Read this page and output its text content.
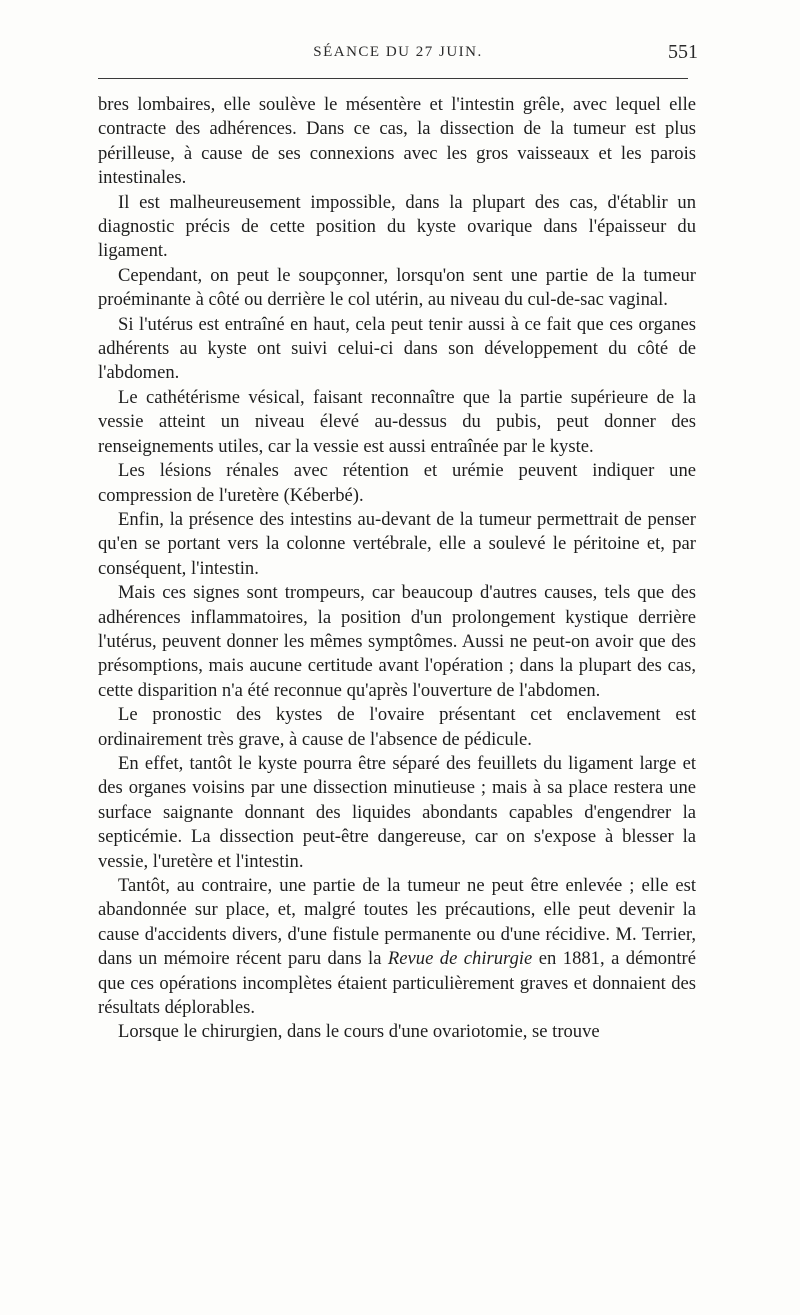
SÉANCE DU 27 JUIN.	551

bres lombaires, elle soulève le mésentère et l'intestin grêle, avec lequel elle contracte des adhérences. Dans ce cas, la dissection de la tumeur est plus périlleuse, à cause de ses connexions avec les gros vaisseaux et les parois intestinales.

Il est malheureusement impossible, dans la plupart des cas, d'établir un diagnostic précis de cette position du kyste ovarique dans l'épaisseur du ligament.

Cependant, on peut le soupçonner, lorsqu'on sent une partie de la tumeur proéminante à côté ou derrière le col utérin, au niveau du cul-de-sac vaginal.

Si l'utérus est entraîné en haut, cela peut tenir aussi à ce fait que ces organes adhérents au kyste ont suivi celui-ci dans son développement du côté de l'abdomen.

Le cathétérisme vésical, faisant reconnaître que la partie supérieure de la vessie atteint un niveau élevé au-dessus du pubis, peut donner des renseignements utiles, car la vessie est aussi entraînée par le kyste.

Les lésions rénales avec rétention et urémie peuvent indiquer une compression de l'uretère (Kéberbé).

Enfin, la présence des intestins au-devant de la tumeur permettrait de penser qu'en se portant vers la colonne vertébrale, elle a soulevé le péritoine et, par conséquent, l'intestin.

Mais ces signes sont trompeurs, car beaucoup d'autres causes, tels que des adhérences inflammatoires, la position d'un prolongement kystique derrière l'utérus, peuvent donner les mêmes symptômes. Aussi ne peut-on avoir que des présomptions, mais aucune certitude avant l'opération ; dans la plupart des cas, cette disparition n'a été reconnue qu'après l'ouverture de l'abdomen.

Le pronostic des kystes de l'ovaire présentant cet enclavement est ordinairement très grave, à cause de l'absence de pédicule.

En effet, tantôt le kyste pourra être séparé des feuillets du ligament large et des organes voisins par une dissection minutieuse ; mais à sa place restera une surface saignante donnant des liquides abondants capables d'engendrer la septicémie. La dissection peut-être dangereuse, car on s'expose à blesser la vessie, l'uretère et l'intestin.

Tantôt, au contraire, une partie de la tumeur ne peut être enlevée ; elle est abandonnée sur place, et, malgré toutes les précautions, elle peut devenir la cause d'accidents divers, d'une fistule permanente ou d'une récidive. M. Terrier, dans un mémoire récent paru dans la Revue de chirurgie en 1881, a démontré que ces opérations incomplètes étaient particulièrement graves et donnaient des résultats déplorables.

Lorsque le chirurgien, dans le cours d'une ovariotomie, se trouve
